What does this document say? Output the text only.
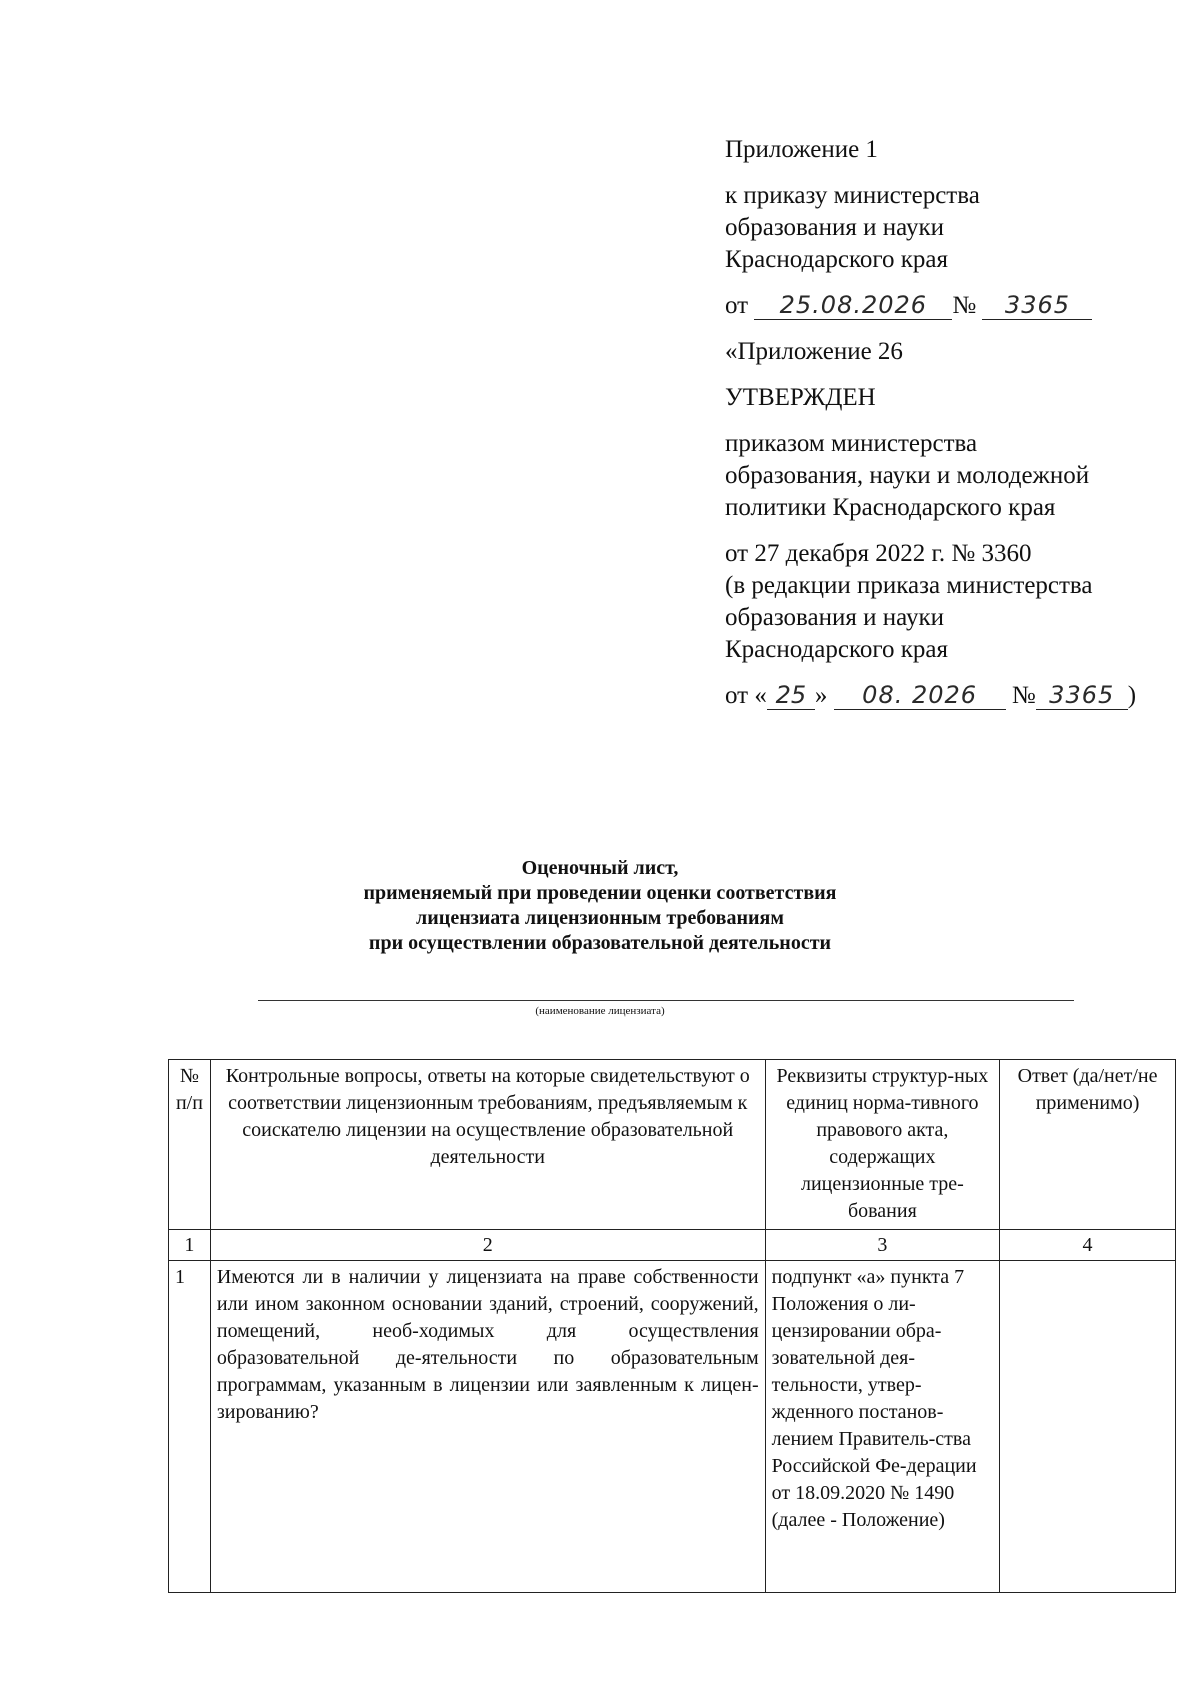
Приложение 1
к приказу министерства
образования и науки
Краснодарского края
от 25.08.2026 № 3365
«Приложение 26
УТВЕРЖДЕН
приказом министерства
образования, науки и молодежной
политики Краснодарского края
от 27 декабря 2022 г. № 3360
(в редакции приказа министерства
образования и науки
Краснодарского края
от « 25 » 08. 2026 № 3365 )
Оценочный лист,
применяемый при проведении оценки соответствия
лицензиата лицензионным требованиям
при осуществлении образовательной деятельности
(наименование лицензиата)
№ п/п	Контрольные вопросы, ответы на которые свидетельствуют о соответствии лицензионным требованиям, предъявляемым к соискателю лицензии на осуществление образовательной деятельности	Реквизиты структур-ных единиц норма-тивного правового акта, содержащих лицензионные тре-бования	Ответ (да/нет/не применимо)
1	2	3	4
1	Имеются ли в наличии у лицензиата на праве собственности или ином законном основании зданий, строений, сооружений, помещений, необ-ходимых для осуществления образовательной де-ятельности по образовательным программам, указанным в лицензии или заявленным к лицен-зированию?	подпункт «а» пункта 7 Положения о ли-цензировании обра-зовательной дея-тельности, утвер-жденного постанов-лением Правитель-ства Российской Фе-дерации от 18.09.2020 № 1490 (далее - Положение)	
